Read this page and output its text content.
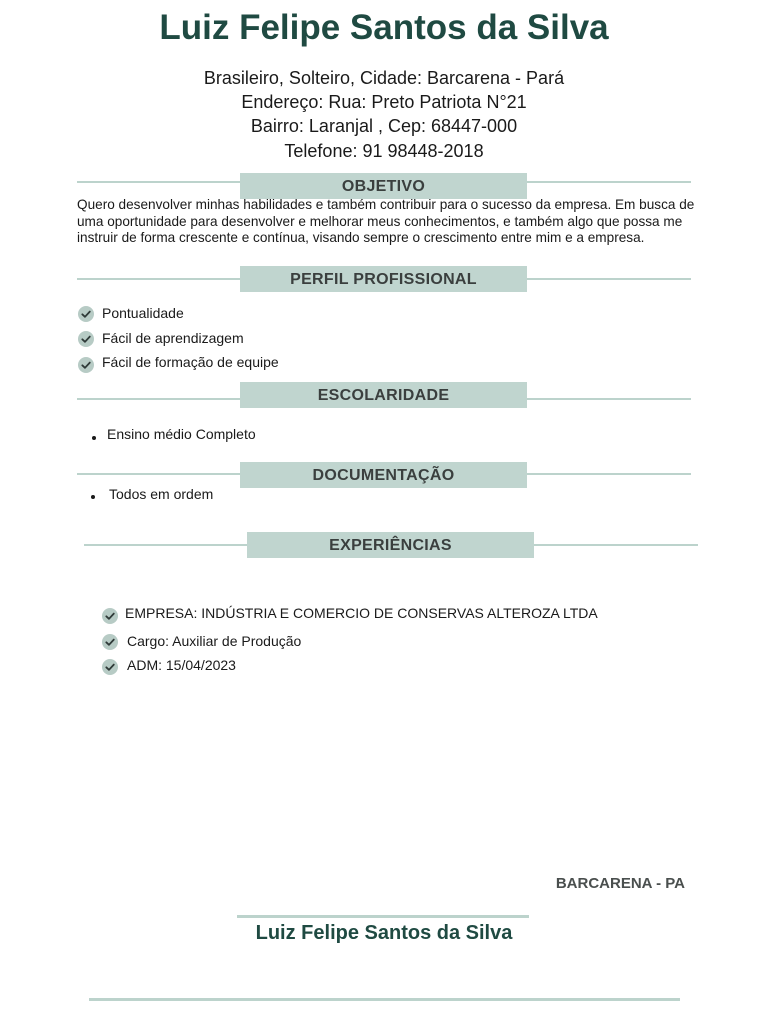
Luiz Felipe Santos da Silva
Brasileiro, Solteiro, Cidade: Barcarena - Pará
Endereço: Rua: Preto Patriota N°21
Bairro: Laranjal , Cep: 68447-000
Telefone: 91 98448-2018
OBJETIVO
Quero desenvolver minhas habilidades e também contribuir para o sucesso da empresa. Em busca de uma oportunidade para desenvolver e melhorar meus conhecimentos, e também algo que possa me instruir de forma crescente e contínua, visando sempre o crescimento entre mim e a empresa.
PERFIL PROFISSIONAL
Pontualidade
Fácil de aprendizagem
Fácil de formação de equipe
ESCOLARIDADE
Ensino médio Completo
DOCUMENTAÇÃO
Todos em ordem
EXPERIÊNCIAS
EMPRESA: INDÚSTRIA E COMERCIO DE CONSERVAS ALTEROZA LTDA
Cargo: Auxiliar de Produção
ADM: 15/04/2023
BARCARENA - PA
Luiz Felipe Santos da Silva
